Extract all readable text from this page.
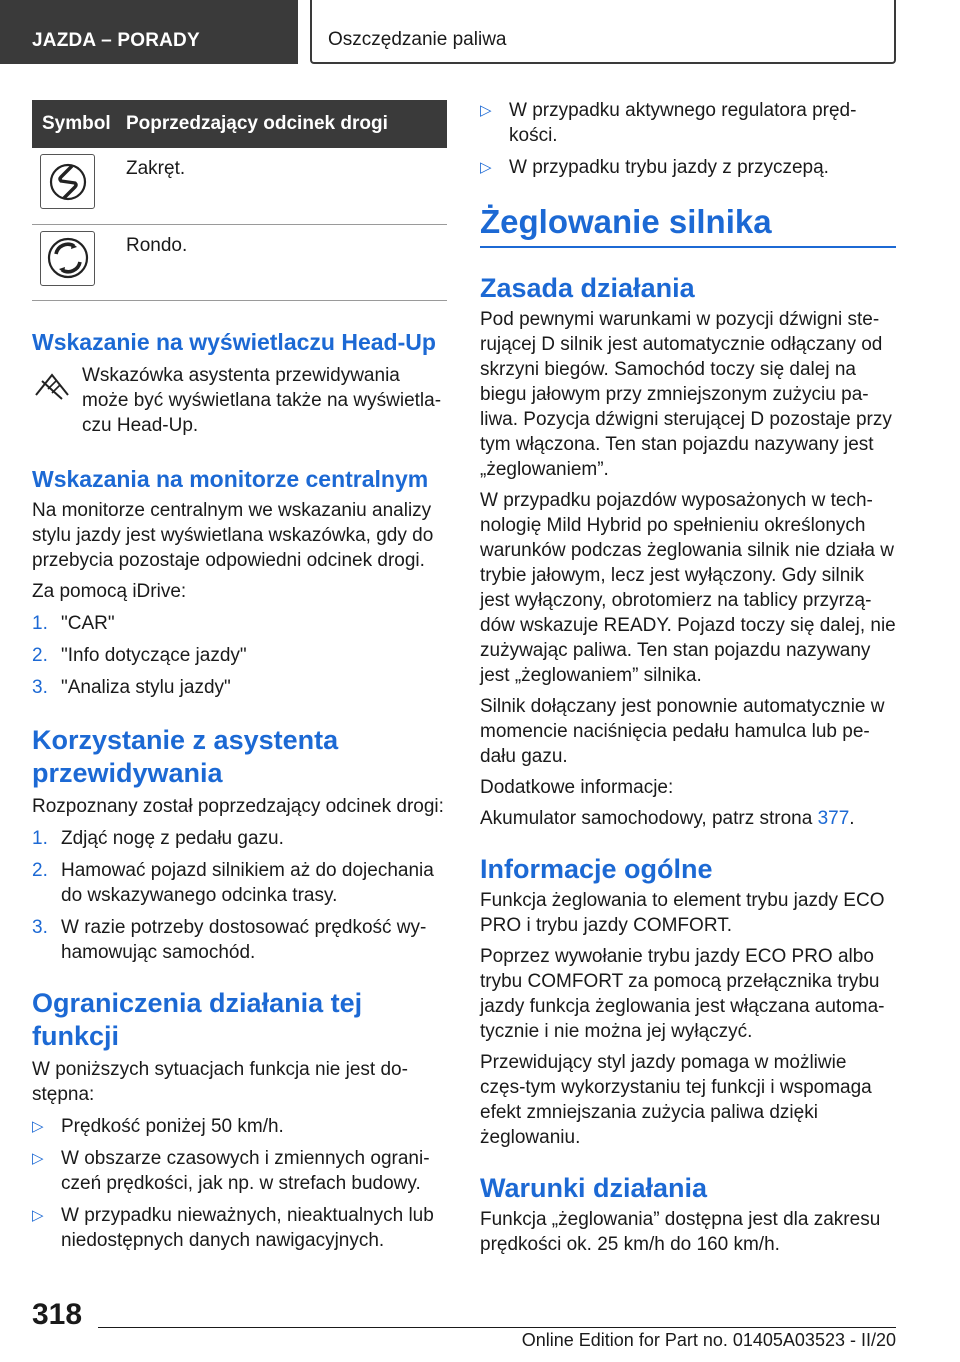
JAZDA – PORADY	Oszczędzanie paliwa
Symbol	Poprzedzający odcinek drogi

	Zakręt.

	Rondo.
Wskazanie na wyświetlaczu Head-Up
Wskazówka asystenta przewidywania może być wyświetlana także na wyświetla‐czu Head-Up.
Wskazania na monitorze centralnym
Na monitorze centralnym we wskazaniu analizy stylu jazdy jest wyświetlana wskazówka, gdy do przebycia pozostaje odpowiedni odcinek drogi.
Za pomocą iDrive:
1. "CAR"
2. "Info dotyczące jazdy"
3. "Analiza stylu jazdy"
Korzystanie z asystenta przewidywania
Rozpoznany został poprzedzający odcinek drogi:
1. Zdjąć nogę z pedału gazu.
2. Hamować pojazd silnikiem aż do dojechania do wskazywanego odcinka trasy.
3. W razie potrzeby dostosować prędkość wy‐hamowując samochód.
Ograniczenia działania tej funkcji
W poniższych sytuacjach funkcja nie jest do‐stępna:
▷ Prędkość poniżej 50 km/h.
▷ W obszarze czasowych i zmiennych ograni‐czeń prędkości, jak np. w strefach budowy.
▷ W przypadku nieważnych, nieaktualnych lub niedostępnych danych nawigacyjnych.
▷ W przypadku aktywnego regulatora pręd‐kości.
▷ W przypadku trybu jazdy z przyczepą.
Żeglowanie silnika
Zasada działania
Pod pewnymi warunkami w pozycji dźwigni ste‐rującej D silnik jest automatycznie odłączany od skrzyni biegów. Samochód toczy się dalej na biegu jałowym przy zmniejszonym zużyciu pa‐liwa. Pozycja dźwigni sterującej D pozostaje przy tym włączona. Ten stan pojazdu nazywany jest „żeglowaniem”.
W przypadku pojazdów wyposażonych w tech‐nologię Mild Hybrid po spełnieniu określonych warunków podczas żeglowania silnik nie działa w trybie jałowym, lecz jest wyłączony. Gdy silnik jest wyłączony, obrotomierz na tablicy przyrzą‐dów wskazuje READY. Pojazd toczy się dalej, nie zużywając paliwa. Ten stan pojazdu nazywany jest „żeglowaniem” silnika.
Silnik dołączany jest ponownie automatycznie w momencie naciśnięcia pedału hamulca lub pe‐dału gazu.
Dodatkowe informacje:
Akumulator samochodowy, patrz strona 377.
Informacje ogólne
Funkcja żeglowania to element trybu jazdy ECO PRO i trybu jazdy COMFORT.
Poprzez wywołanie trybu jazdy ECO PRO albo trybu COMFORT za pomocą przełącznika trybu jazdy funkcja żeglowania jest włączana automa‐tycznie i nie można jej wyłączyć.
Przewidujący styl jazdy pomaga w możliwie częs‐tym wykorzystaniu tej funkcji i wspomaga efekt zmniejszania zużycia paliwa dzięki żeglowaniu.
Warunki działania
Funkcja „żeglowania” dostępna jest dla zakresu prędkości ok. 25 km/h do 160 km/h.
318
Online Edition for Part no. 01405A03523 - II/20
